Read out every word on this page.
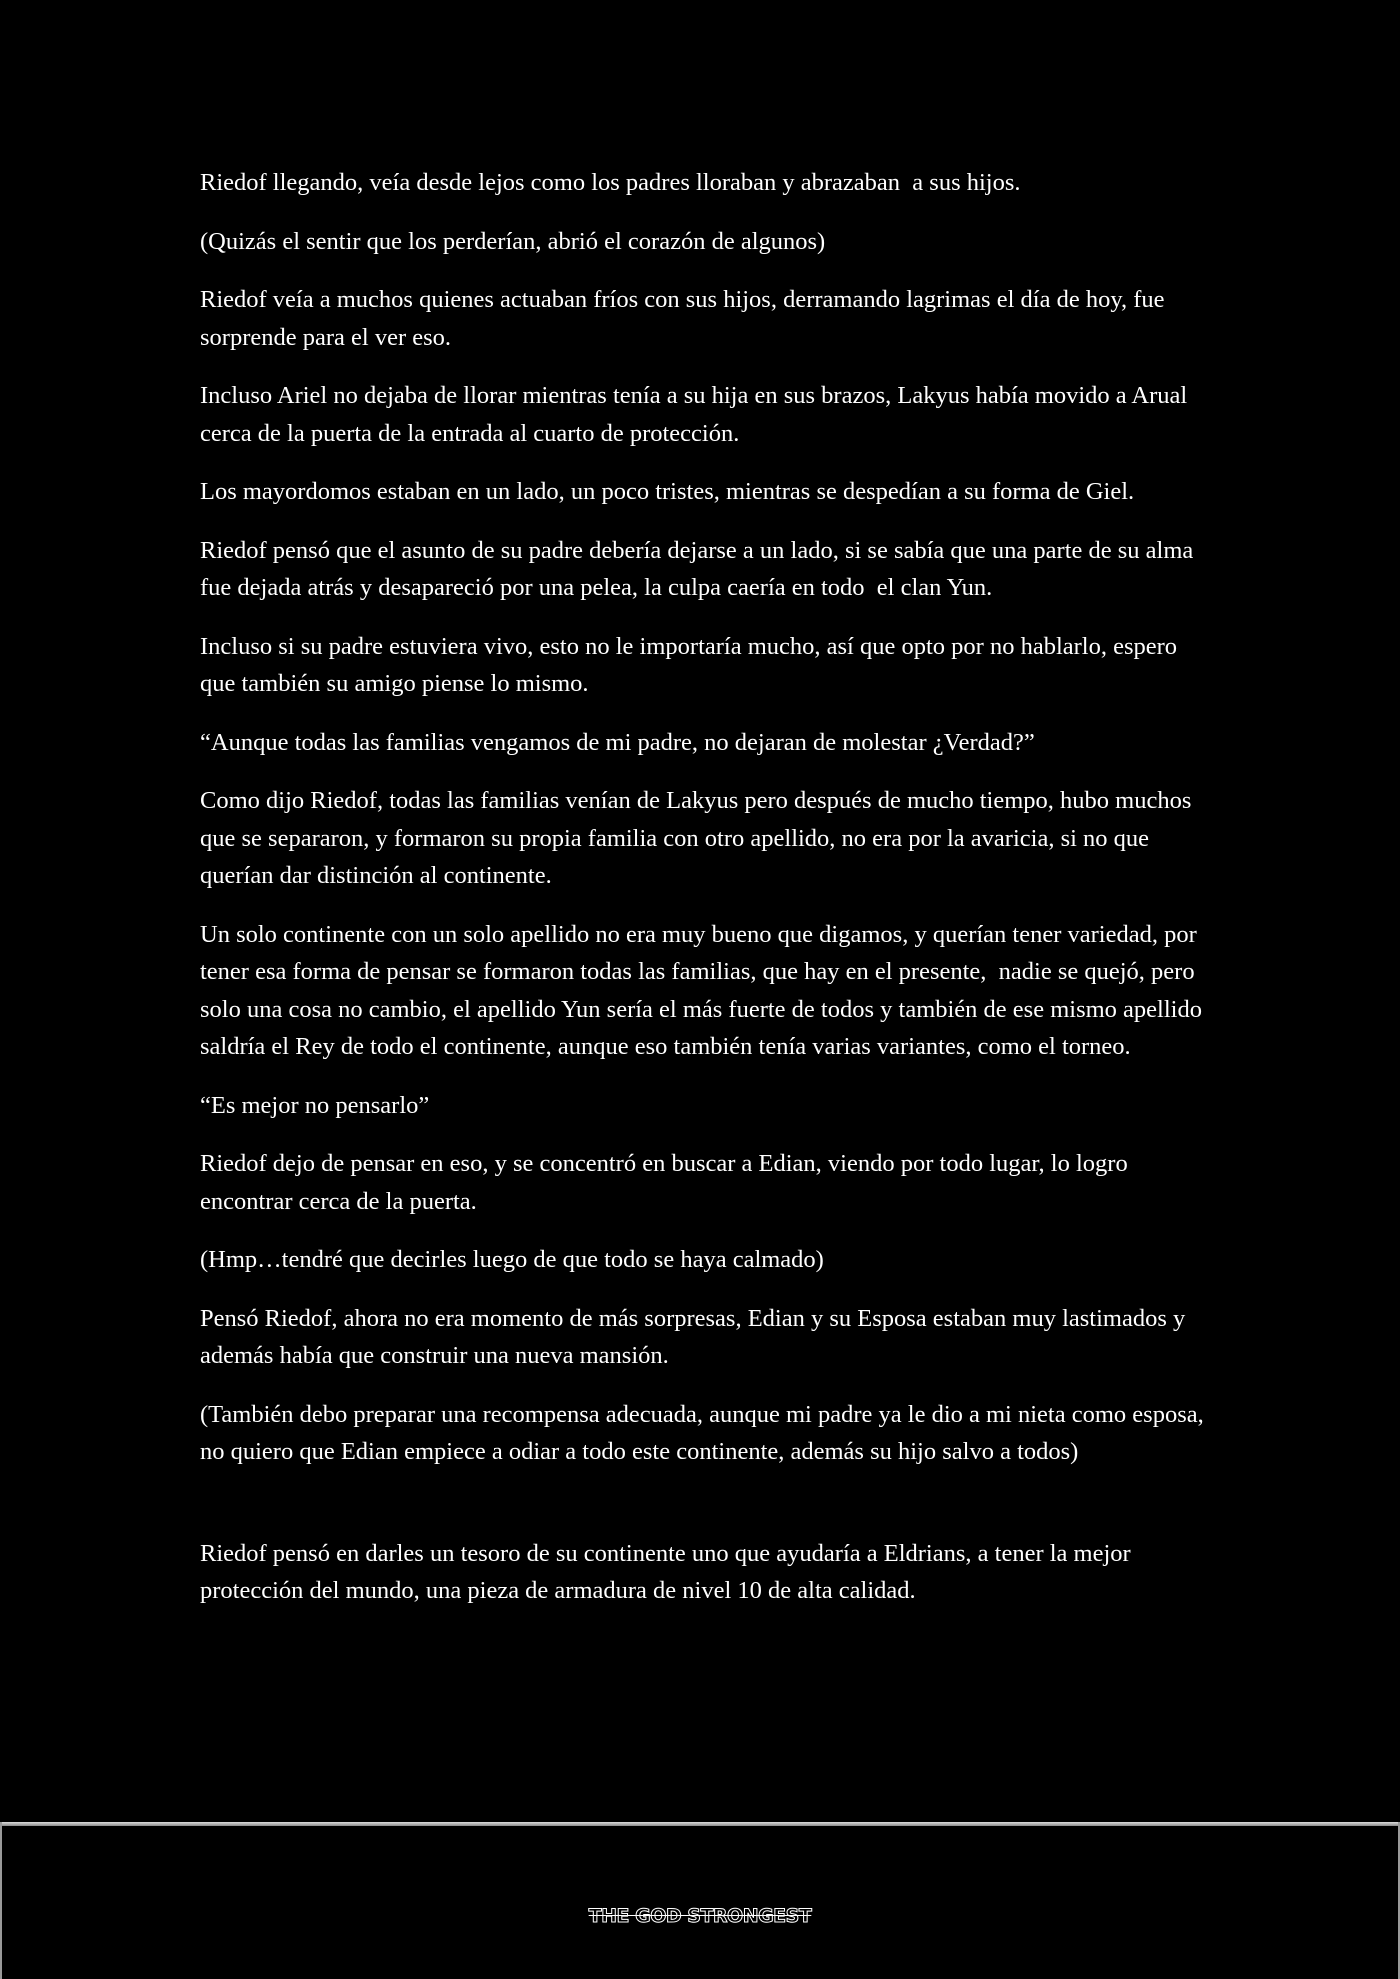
Riedof llegando, veía desde lejos como los padres lloraban y abrazaban  a sus hijos.

(Quizás el sentir que los perderían, abrió el corazón de algunos)

Riedof veía a muchos quienes actuaban fríos con sus hijos, derramando lagrimas el día de hoy, fue sorprende para el ver eso.

Incluso Ariel no dejaba de llorar mientras tenía a su hija en sus brazos, Lakyus había movido a Arual cerca de la puerta de la entrada al cuarto de protección.

Los mayordomos estaban en un lado, un poco tristes, mientras se despedían a su forma de Giel.

Riedof pensó que el asunto de su padre debería dejarse a un lado, si se sabía que una parte de su alma fue dejada atrás y desapareció por una pelea, la culpa caería en todo  el clan Yun.

Incluso si su padre estuviera vivo, esto no le importaría mucho, así que opto por no hablarlo, espero que también su amigo piense lo mismo.

“Aunque todas las familias vengamos de mi padre, no dejaran de molestar ¿Verdad?”

Como dijo Riedof, todas las familias venían de Lakyus pero después de mucho tiempo, hubo muchos que se separaron, y formaron su propia familia con otro apellido, no era por la avaricia, si no que querían dar distinción al continente.

Un solo continente con un solo apellido no era muy bueno que digamos, y querían tener variedad, por tener esa forma de pensar se formaron todas las familias, que hay en el presente,  nadie se quejó, pero solo una cosa no cambio, el apellido Yun sería el más fuerte de todos y también de ese mismo apellido saldría el Rey de todo el continente, aunque eso también tenía varias variantes, como el torneo.

“Es mejor no pensarlo”

Riedof dejo de pensar en eso, y se concentró en buscar a Edian, viendo por todo lugar, lo logro encontrar cerca de la puerta.

(Hmp…tendré que decirles luego de que todo se haya calmado)

Pensó Riedof, ahora no era momento de más sorpresas, Edian y su Esposa estaban muy lastimados y además había que construir una nueva mansión.

(También debo preparar una recompensa adecuada, aunque mi padre ya le dio a mi nieta como esposa, no quiero que Edian empiece a odiar a todo este continente, además su hijo salvo a todos)

Riedof pensó en darles un tesoro de su continente uno que ayudaría a Eldrians, a tener la mejor protección del mundo, una pieza de armadura de nivel 10 de alta calidad.

THE GOD STRONGEST
